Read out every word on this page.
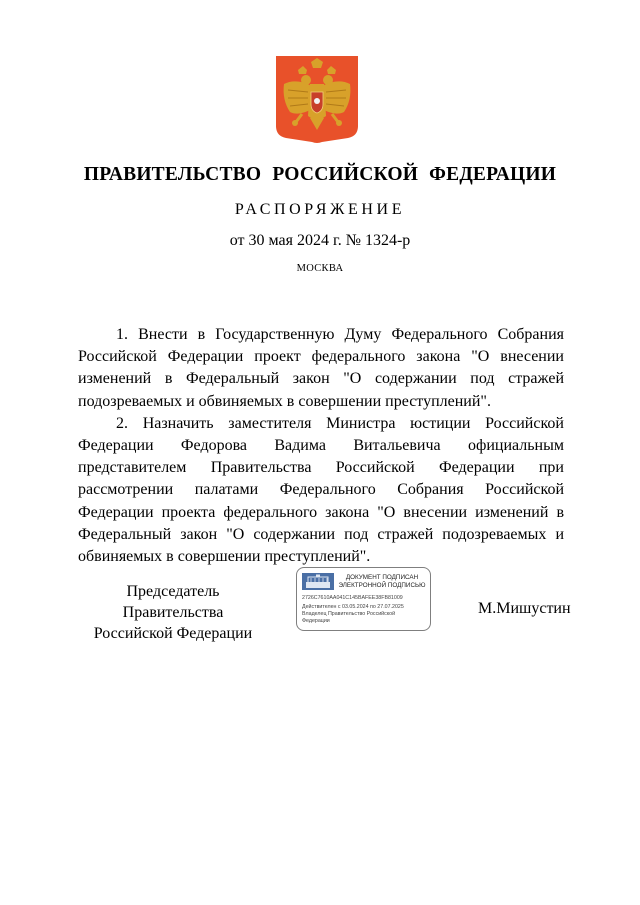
ПРАВИТЕЛЬСТВО РОССИЙСКОЙ ФЕДЕРАЦИИ
РАСПОРЯЖЕНИЕ
от 30 мая 2024 г. № 1324-р
МОСКВА

1. Внести в Государственную Думу Федерального Собрания Российской Федерации проект федерального закона "О внесении изменений в Федеральный закон "О содержании под стражей подозреваемых и обвиняемых в совершении преступлений".

2. Назначить заместителя Министра юстиции Российской Федерации Федорова Вадима Витальевича официальным представителем Правительства Российской Федерации при рассмотрении палатами Федерального Собрания Российской Федерации проекта федерального закона "О внесении изменений в Федеральный закон "О содержании под стражей подозреваемых и обвиняемых в совершении преступлений".

Председатель Правительства
Российской Федерации
ДОКУМЕНТ ПОДПИСАН
ЭЛЕКТРОННОЙ ПОДПИСЬЮ
2726C7610AA041C145BAFEE38FB81009
Действителен с 03.05.2024 по 27.07.2025
Владелец Правительство Российской
Федерации
М.Мишустин
